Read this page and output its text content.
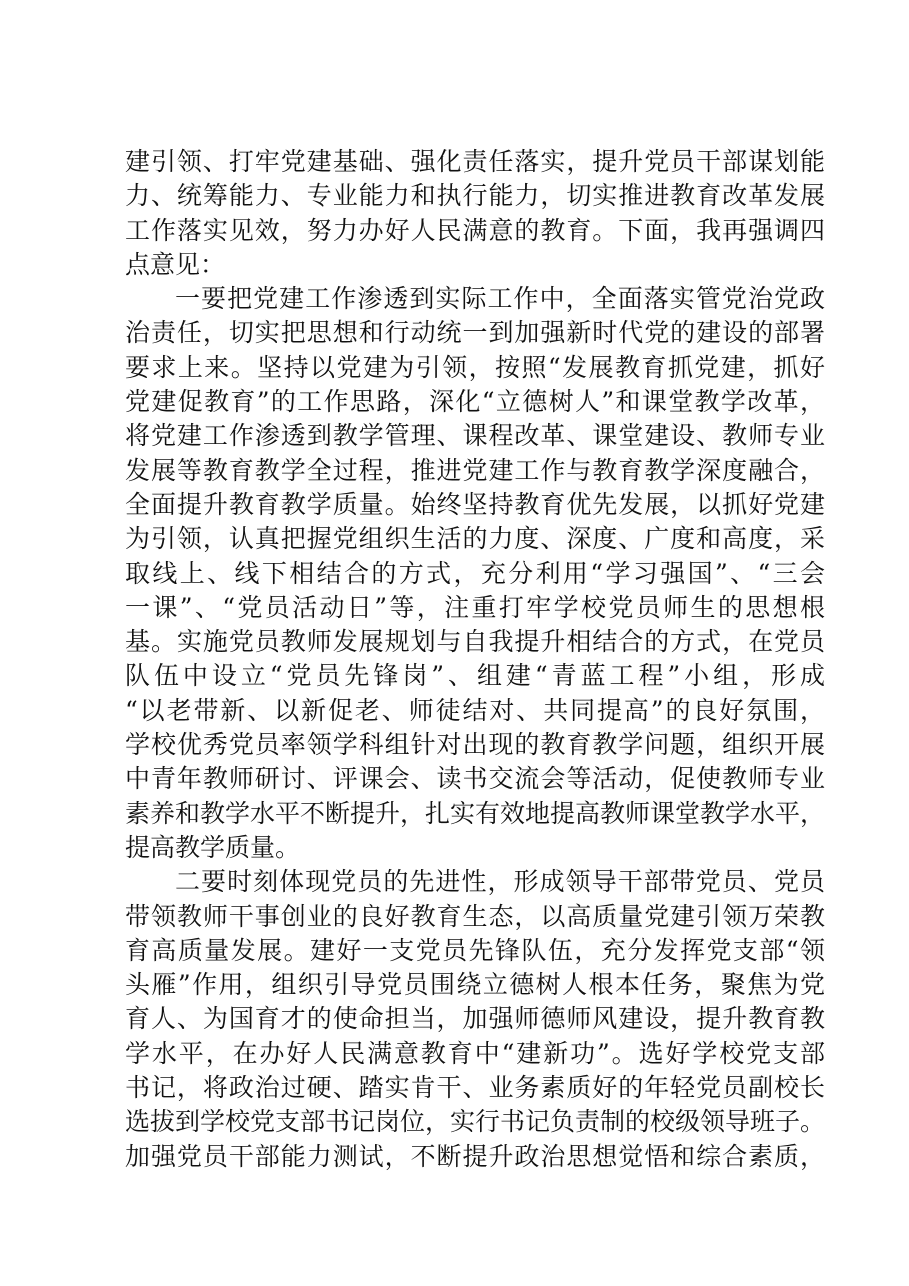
建引领、打牢党建基础、强化责任落实，提升党员干部谋划能
力、统筹能力、专业能力和执行能力，切实推进教育改革发展
工作落实见效，努力办好人民满意的教育。下面，我再强调四
点意见：
一要把党建工作渗透到实际工作中，全面落实管党治党政
治责任，切实把思想和行动统一到加强新时代党的建设的部署
要求上来。坚持以党建为引领，按照“发展教育抓党建，抓好
党建促教育”的工作思路，深化“立德树人”和课堂教学改革，
将党建工作渗透到教学管理、课程改革、课堂建设、教师专业
发展等教育教学全过程，推进党建工作与教育教学深度融合，
全面提升教育教学质量。始终坚持教育优先发展，以抓好党建
为引领，认真把握党组织生活的力度、深度、广度和高度，采
取线上、线下相结合的方式，充分利用“学习强国”、“三会
一课”、“党员活动日”等，注重打牢学校党员师生的思想根
基。实施党员教师发展规划与自我提升相结合的方式，在党员
队伍中设立“党员先锋岗”、组建“青蓝工程”小组，形成
“以老带新、以新促老、师徒结对、共同提高”的良好氛围，
学校优秀党员率领学科组针对出现的教育教学问题，组织开展
中青年教师研讨、评课会、读书交流会等活动，促使教师专业
素养和教学水平不断提升，扎实有效地提高教师课堂教学水平，
提高教学质量。
二要时刻体现党员的先进性，形成领导干部带党员、党员
带领教师干事创业的良好教育生态，以高质量党建引领万荣教
育高质量发展。建好一支党员先锋队伍，充分发挥党支部“领
头雁”作用，组织引导党员围绕立德树人根本任务，聚焦为党
育人、为国育才的使命担当，加强师德师风建设，提升教育教
学水平，在办好人民满意教育中“建新功”。选好学校党支部
书记，将政治过硬、踏实肯干、业务素质好的年轻党员副校长
选拔到学校党支部书记岗位，实行书记负责制的校级领导班子。
加强党员干部能力测试，不断提升政治思想觉悟和综合素质，
